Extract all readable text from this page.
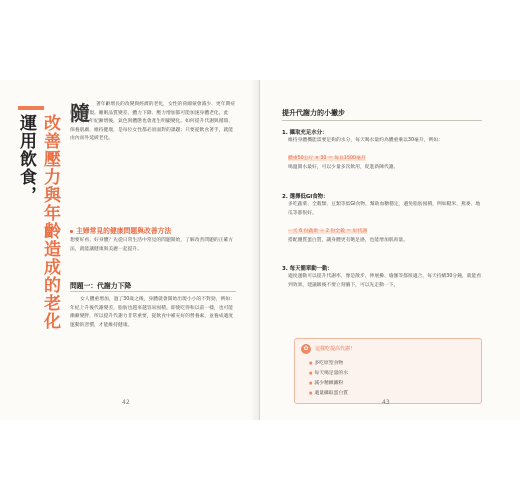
運用飲食， 改善壓力與年齡造成的老化
隨	著年齡增長的改變與經濟的老化，女性的荷爾蒙會減少、更年期症狀開始出現。睡眠品質變差、體力下降、壓力增加都可能加速身體老化，此外，女人年紀漸增後，氣色與體態也會產生明顯變化。如何提升代謝與循環、保養肌膚、維持健康，是每位女性都必須面對的課題；只要從飲食著手，就能由內而外延緩老化。
主婦常見的健康問題與改善方法
想要好看、好身體？先從日常生活中常見的問題開始，了解改善問題的正確方法，就能讓健康與美麗一起提升。
問題一：代謝力下降
女人體重增加，過了30歲之後，身體就會開始出現小小的不對勁，例如：年紀上升後代謝變差，脂肪也越來越容易囤積。即使吃得和以前一樣，也可能漸漸變胖，所以提升代謝力非常重要，從飲食中補充好的營養素，並養成適度運動的習慣，才能維持健康。
42
提升代謝力的小撇步
1. 攝取充足水分：
維持身體機能需要足夠的水分，每天喝水量約為體重乘以30毫升，例如：
體重50公斤 × 30 ＝ 每日1500毫升
喝溫開水最好，可以少量多次飲用，促進新陳代謝。
2. 選擇低GI食物：
多吃蔬菜、全穀類、豆類等低GI食物，幫助血糖穩定，避免脂肪囤積，例如糙米、燕麥、地瓜等都很好。
一天 6 份蔬果 ＋ 2 份全穀 ＝ 好代謝
搭配優質蛋白質，讓身體更有飽足感，也能增加肌肉量。
3. 每天簡單動一動：
適度運動可以提升代謝率，像是散步、伸展操、瑜伽等都很適合，每天持續30分鐘，就能看到效果，建議飯後不要立刻躺下，可以先走動一下。
✿	這樣吃提高代謝！
■ 多吃原型食物
■ 每天喝足量的水
■ 減少精緻澱粉
■ 適量攝取蛋白質
43
